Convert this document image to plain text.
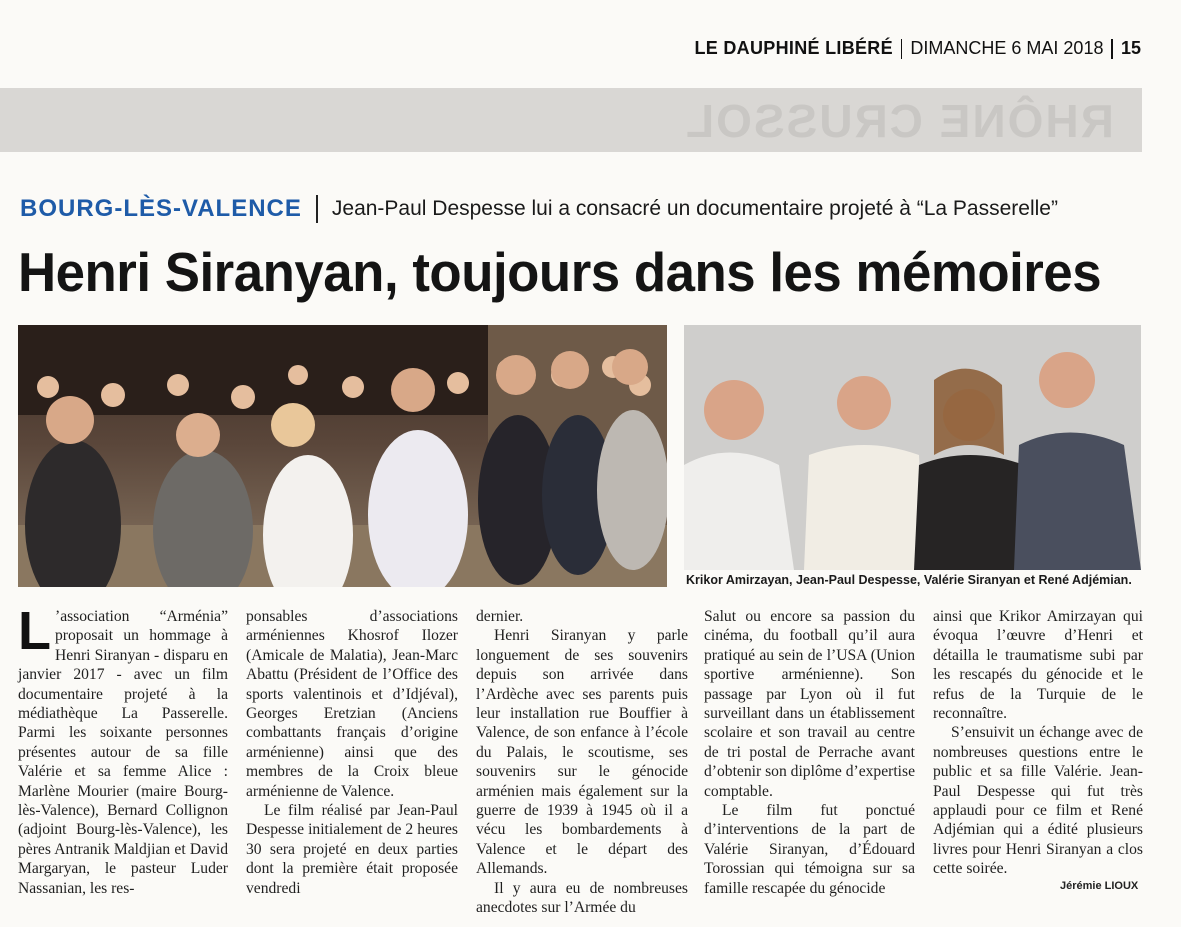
LE DAUPHINÉ LIBÉRÉ DIMANCHE 6 MAI 2018 15
RHÔNE CRUSSOL
BOURG-LÈS-VALENCE Jean-Paul Despesse lui a consacré un documentaire projeté à “La Passerelle”
Henri Siranyan, toujours dans les mémoires
Krikor Amirzayan, Jean-Paul Despesse, Valérie Siranyan et René Adjémian.

L ’association “Arménia” proposait un hommage à Henri Siranyan - disparu en janvier 2017 - avec un film documentaire projeté à la médiathèque La Passerelle. Parmi les soixante personnes présentes autour de sa fille Valérie et sa femme Alice : Marlène Mourier (maire Bourg-lès-Valence), Bernard Collignon (adjoint Bourg-lès-Valence), les pères Antranik Maldjian et David Margaryan, le pasteur Luder Nassanian, les res-

ponsables d’associations arméniennes Khosrof Ilozer (Amicale de Malatia), Jean-Marc Abattu (Président de l’Office des sports valentinois et d’Idjéval), Georges Eretzian (Anciens combattants français d’origine arménienne) ainsi que des membres de la Croix bleue arménienne de Valence.

Le film réalisé par Jean-Paul Despesse initialement de 2 heures 30 sera projeté en deux parties dont la première était proposée vendredi

dernier.

Henri Siranyan y parle longuement de ses souvenirs depuis son arrivée dans l’Ardèche avec ses parents puis leur installation rue Bouffier à Valence, de son enfance à l’école du Palais, le scoutisme, ses souvenirs sur le génocide arménien mais également sur la guerre de 1939 à 1945 où il a vécu les bombardements à Valence et le départ des Allemands.

Il y aura eu de nombreuses anecdotes sur l’Armée du

Salut ou encore sa passion du cinéma, du football qu’il aura pratiqué au sein de l’USA (Union sportive arménienne). Son passage par Lyon où il fut surveillant dans un établissement scolaire et son travail au centre de tri postal de Perrache avant d’obtenir son diplôme d’expertise comptable.

Le film fut ponctué d’interventions de la part de Valérie Siranyan, d’Édouard Torossian qui témoigna sur sa famille rescapée du génocide

ainsi que Krikor Amirzayan qui évoqua l’œuvre d’Henri et détailla le traumatisme subi par les rescapés du génocide et le refus de la Turquie de le reconnaître.

S’ensuivit un échange avec de nombreuses questions entre le public et sa fille Valérie. Jean-Paul Despesse qui fut très applaudi pour ce film et René Adjémian qui a édité plusieurs livres pour Henri Siranyan a clos cette soirée.

Jérémie LIOUX
